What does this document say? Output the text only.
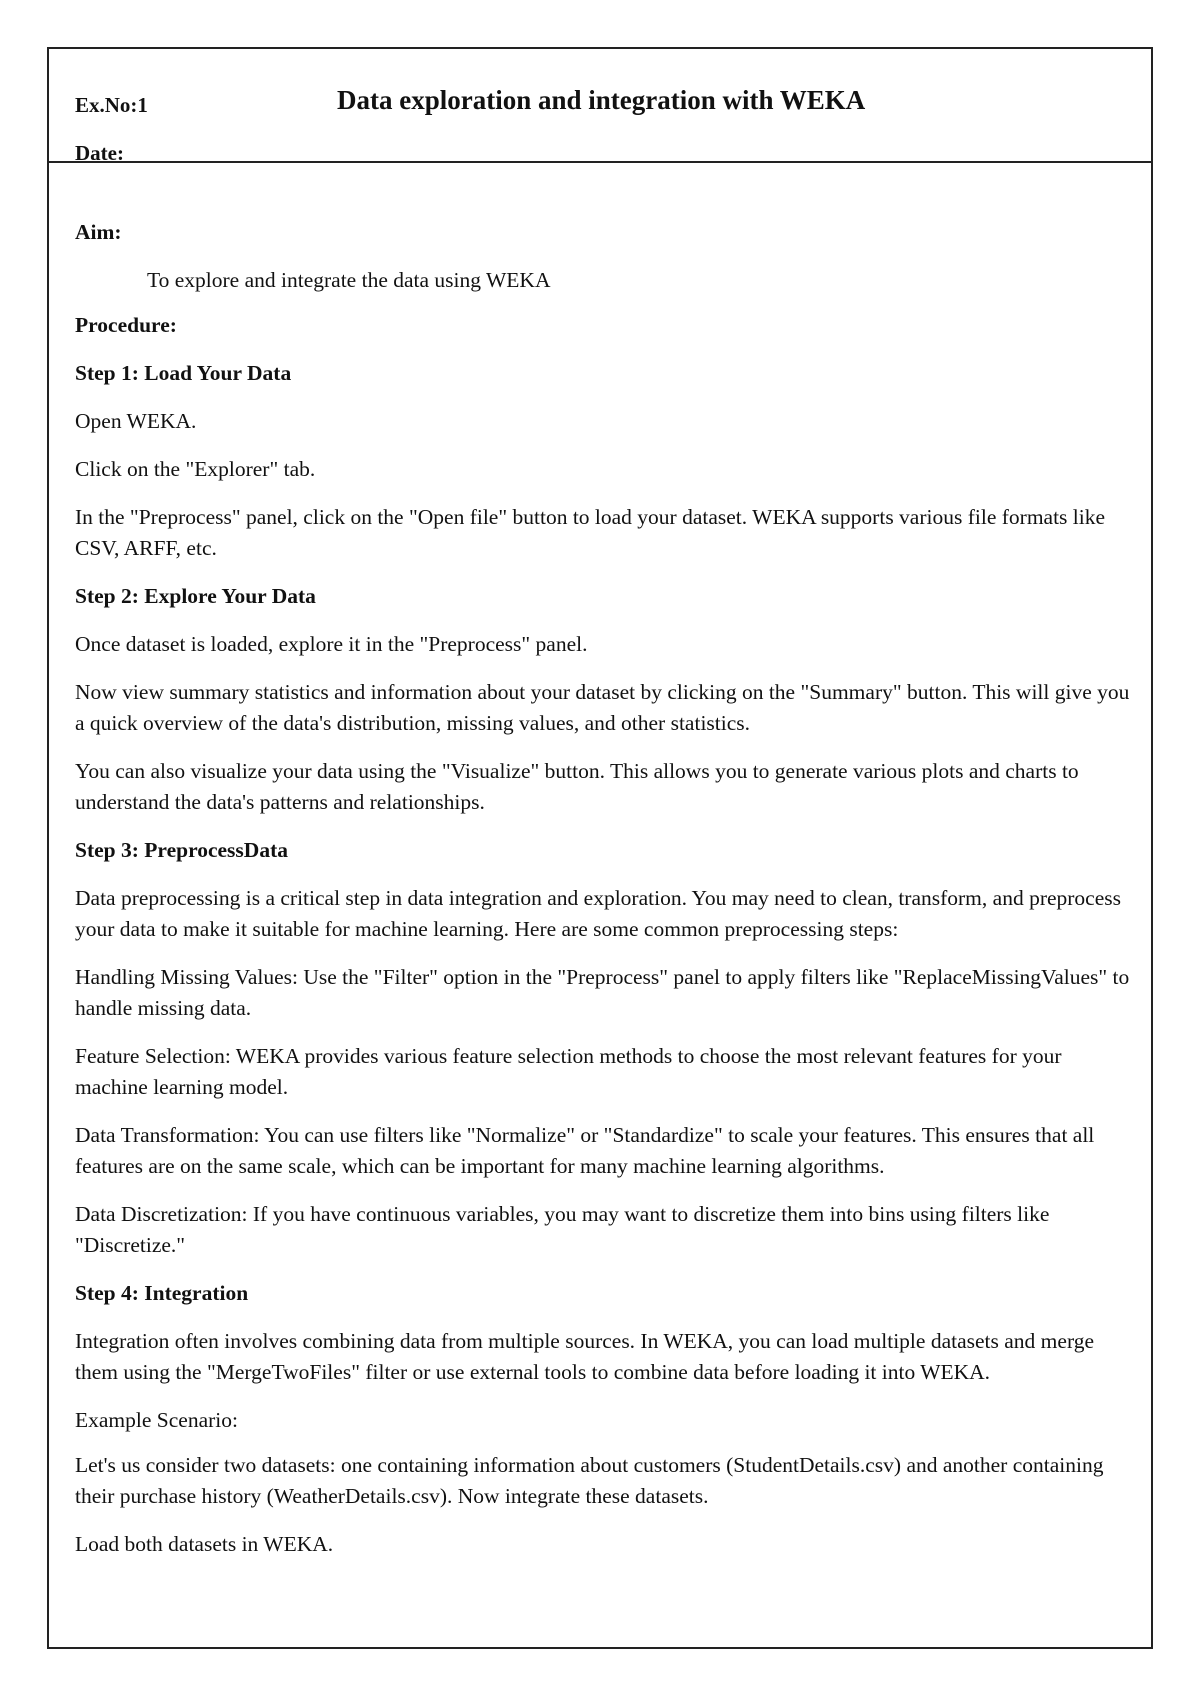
Ex.No:1	Data exploration and integration with WEKA
Date:

Aim:

To explore and integrate the data using WEKA

Procedure:

Step 1: Load Your Data

Open WEKA.

Click on the "Explorer" tab.

In the "Preprocess" panel, click on the "Open file" button to load your dataset. WEKA supports various file formats like CSV, ARFF, etc.

Step 2: Explore Your Data

Once dataset is loaded, explore it in the "Preprocess" panel.

Now view summary statistics and information about your dataset by clicking on the "Summary" button. This will give you a quick overview of the data's distribution, missing values, and other statistics.

You can also visualize your data using the "Visualize" button. This allows you to generate various plots and charts to understand the data's patterns and relationships.

Step 3: PreprocessData

Data preprocessing is a critical step in data integration and exploration. You may need to clean, transform, and preprocess your data to make it suitable for machine learning. Here are some common preprocessing steps:

Handling Missing Values: Use the "Filter" option in the "Preprocess" panel to apply filters like "ReplaceMissingValues" to handle missing data.

Feature Selection: WEKA provides various feature selection methods to choose the most relevant features for your machine learning model.

Data Transformation: You can use filters like "Normalize" or "Standardize" to scale your features. This ensures that all features are on the same scale, which can be important for many machine learning algorithms.

Data Discretization: If you have continuous variables, you may want to discretize them into bins using filters like "Discretize."

Step 4: Integration

Integration often involves combining data from multiple sources. In WEKA, you can load multiple datasets and merge them using the "MergeTwoFiles" filter or use external tools to combine data before loading it into WEKA.

Example Scenario:

Let's us consider two datasets: one containing information about customers (StudentDetails.csv) and another containing their purchase history (WeatherDetails.csv). Now integrate these datasets.

Load both datasets in WEKA.
